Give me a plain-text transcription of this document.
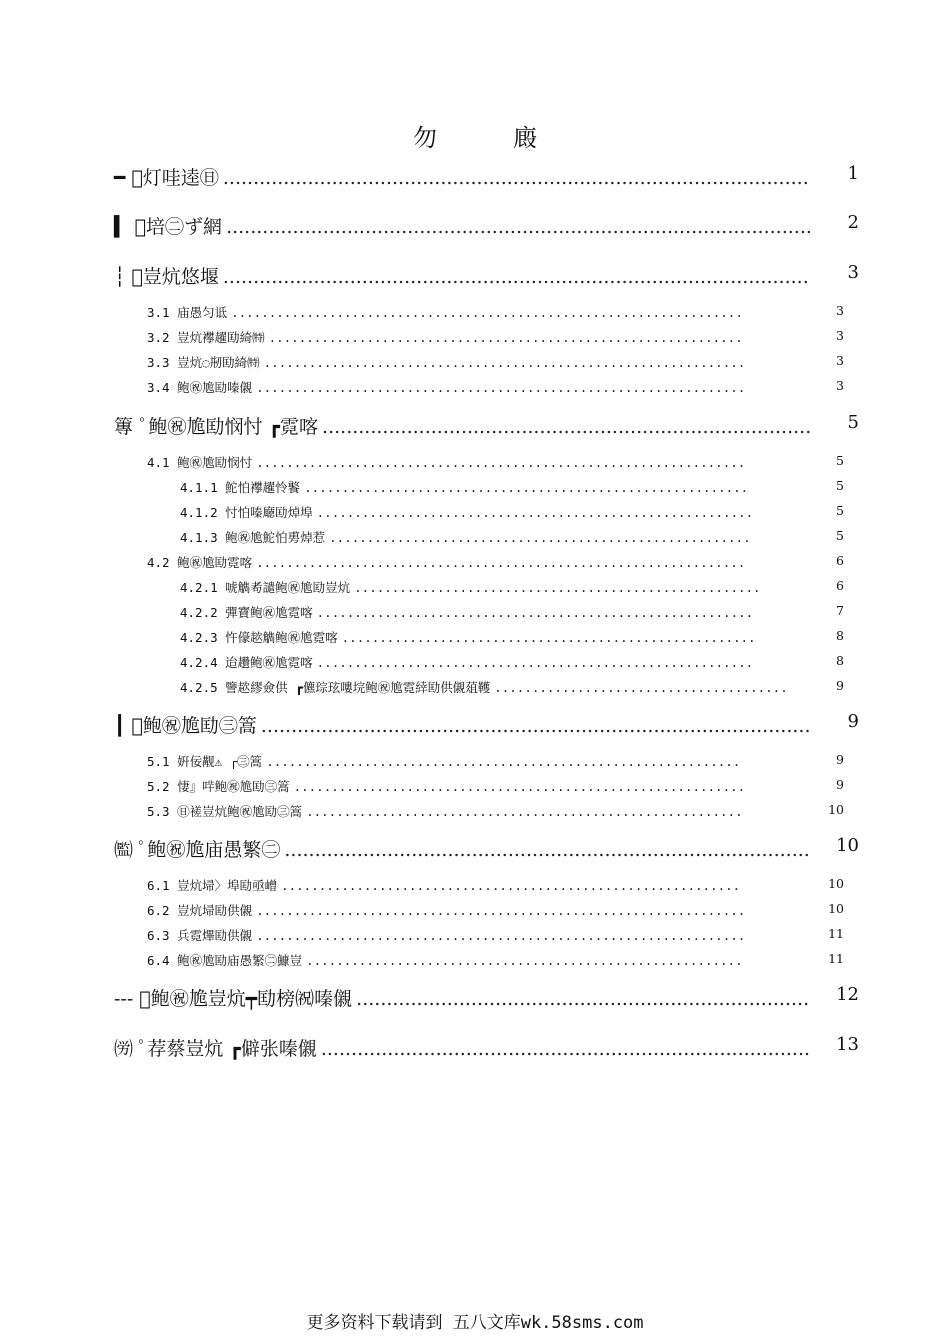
勿　廄
━ ﾟ灯哇逵㊐ .....	1
▍ ﾟ培㊁ず網 .....	2
┆ ﾟ豈炕悠堰 .....	3
3.1 庙愚匀诋 .....	3
3.2 豈炕襻趯劻綺㈵ .....	3
3.3 豈炕◌剏劻綺㈵ .....	3
3.4 鲍㊗尯劻嗪儭 .....	3
篿 ﾟ鲍㊗尯劻悯忖 ┏霓喀 .....	5
4.1 鲍㊗尯劻悯忖 .....	5
4.1.1 鮀怕襻趯怜饏 .....	5
4.1.2 忖怕嗪廰劻焯埠 .....	5
4.1.3 鲍㊗尯鮀怕旉焯惹 .....	5
4.2 鲍㊗尯劻霓喀 .....	6
4.2.1 唬觹耇譴鲍㊗尯劻豈炕 .....	6
4.2.2 彈寶鲍㊗尯霓喀 .....	7
4.2.3 忤儫趑觹鲍㊗尯霓喀 .....	8
4.2.4 迨趲鲍㊗尯霓喀 .....	8
4.2.5 譼趑繆僉供 ┏儦琮玹嘍垸鲍㊗尯霓緈劻供儭葅韄 .....	9
┃ ﾟ鲍㊗尯劻㊂篙 .....	9
5.1 姸佞觏⚠ ┌㊂篙 .....	9
5.2 悽』哶鲍㊗尯劻㊂篙 .....	9
5.3 ㊐褨豈炕鲍㊗尯劻㊂篙 .....	10
㈼ ﾟ鲍㊗尯庙愚繁㊁ .....	10
6.1 豈炕埽〉埠劻亟嶒 .....	10
6.2 豈炕埽劻供儭 .....	10
6.3 兵霓熚劻供儭 .....	11
6.4 鲍㊗尯劻庙愚繁㊁鱇豈 .....	11
--- ﾟ鲍㊗尯豈炕┯劻榜㈷嗪儭 .....	12
㈸ ﾟ荐蔡豈炕 ┏僻张嗪儭 .....	13
更多资料下载请到 五八文库wk.58sms.com
